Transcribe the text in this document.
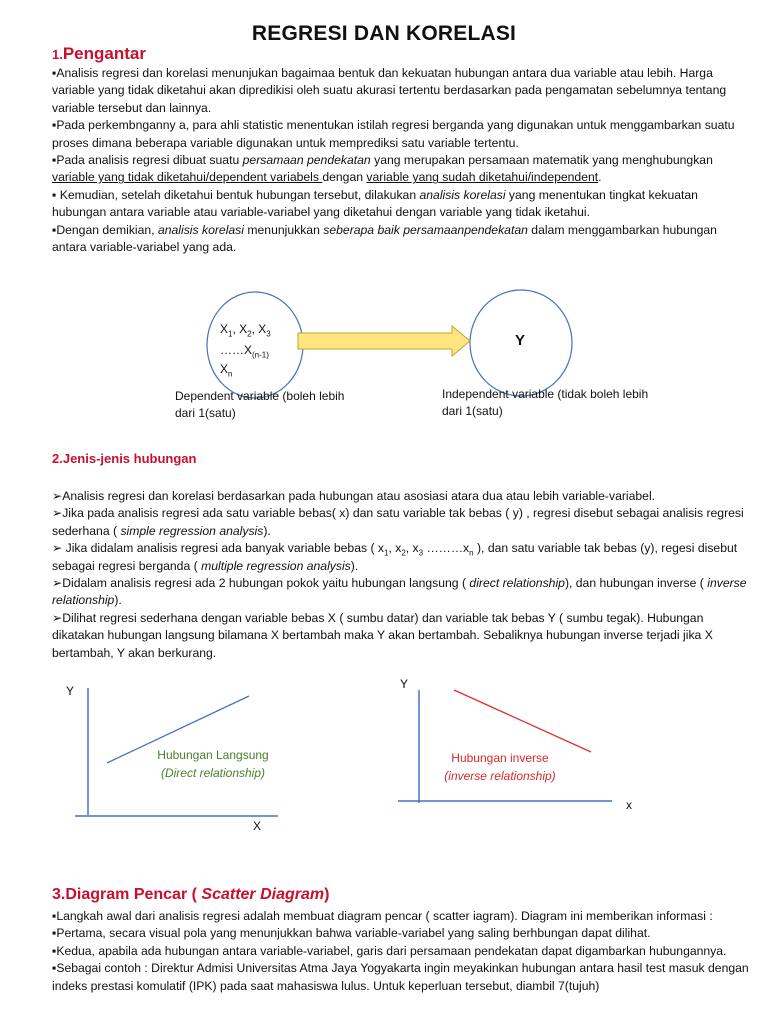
REGRESI DAN KORELASI
1.Pengantar

▪Analisis regresi dan korelasi menunjukan bagaimaa bentuk dan kekuatan hubungan antara dua variable atau lebih. Harga variable yang tidak diketahui akan dipredikisi oleh suatu akurasi tertentu berdasarkan pada pengamatan sebelumnya tentang variable tersebut dan lainnya.

▪Pada perkembnganny a, para ahli statistic menentukan istilah regresi berganda yang digunakan untuk menggambarkan suatu proses dimana beberapa variable digunakan untuk memprediksi satu variable tertentu.

▪Pada analisis regresi dibuat suatu persamaan pendekatan yang merupakan persamaan matematik yang menghubungkan variable yang tidak diketahui/dependent variabels dengan variable yang sudah diketahui/independent.

▪ Kemudian, setelah diketahui bentuk hubungan tersebut, dilakukan analisis korelasi yang menentukan tingkat kekuatan hubungan antara variable atau variable-variabel yang diketahui dengan variable yang tidak iketahui.

▪Dengan demikian, analisis korelasi menunjukkan seberapa baik persamaanpendekatan dalam menggambarkan hubungan antara variable-variabel yang ada.

$X_1$, $X_2$, $X_3$
$\dots\dots X_{(n-1)}$
$X_n$
Y
Dependent variable (boleh lebih dari 1(satu)
Independent variable (tidak boleh lebih dari 1(satu)
2.Jenis-jenis hubungan

➢Analisis regresi dan korelasi berdasarkan pada hubungan atau asosiasi atara dua atau lebih variable-variabel.

➢Jika pada analisis regresi ada satu variable bebas( x) dan satu variable tak bebas ( y) , regresi disebut sebagai analisis regresi sederhana ( simple regression analysis).

➢ Jika didalam analisis regresi ada banyak variable bebas ( $x_1$, $x_2$, $x_3$ $\dots\dots\dots x_n$ ), dan satu variable tak bebas (y), regesi disebut sebagai regresi berganda ( multiple regression analysis).

➢Didalam analisis regresi ada 2 hubungan pokok yaitu hubungan langsung ( direct relationship), dan hubungan inverse ( inverse relationship).

➢Dilihat regresi sederhana dengan variable bebas X ( sumbu datar) dan variable tak bebas Y ( sumbu tegak). Hubungan dikatakan hubungan langsung bilamana X bertambah maka Y akan bertambah. Sebaliknya hubungan inverse terjadi jika X bertambah, Y akan berkurang.

Y
X
Hubungan Langsung
(Direct relationship)
Y
x
Hubungan inverse
(inverse relationship)
3.Diagram Pencar ( Scatter Diagram)

▪Langkah awal dari analisis regresi adalah membuat diagram pencar ( scatter iagram). Diagram ini memberikan informasi :

▪Pertama, secara visual pola yang menunjukkan bahwa variable-variabel yang saling berhbungan dapat dilihat.

▪Kedua, apabila ada hubungan antara variable-variabel, garis dari persamaan pendekatan dapat digambarkan hubungannya.

▪Sebagai contoh : Direktur Admisi Universitas Atma Jaya Yogyakarta ingin meyakinkan hubungan antara hasil test masuk dengan indeks prestasi komulatif (IPK) pada saat mahasiswa lulus. Untuk keperluan tersebut, diambil 7(tujuh)
